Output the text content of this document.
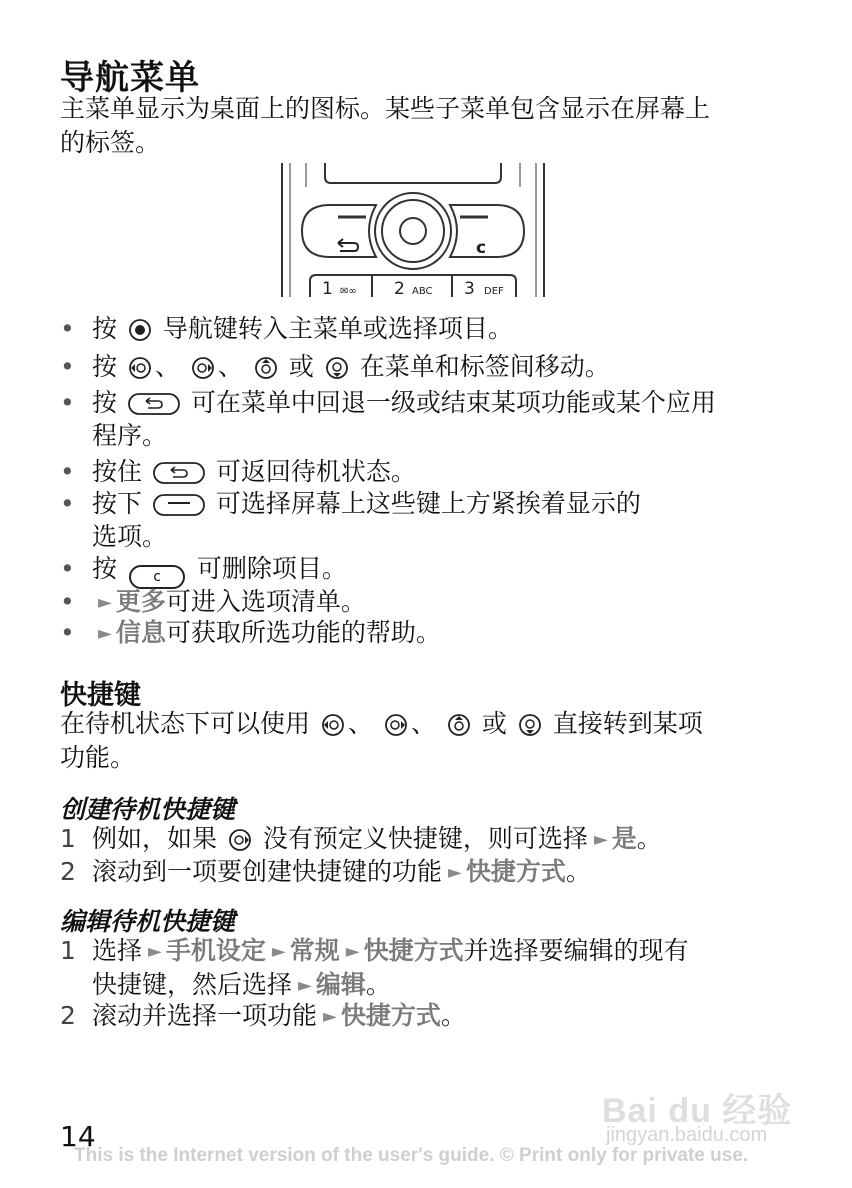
导航菜单

主菜单显示为桌面上的图标。某些子菜单包含显示在屏幕上

的标签。

c
1 ✉∞ 2 ABC 3 DEF
• 按 导航键转入主菜单或选择项目。
• 按 、 、 或 在菜单和标签间移动。
• 按	可在菜单中回退一级或结束某项功能或某个应用
程序。
• 按住	可返回待机状态。
• 按下	可选择屏幕上这些键上方紧挨着显示的
选项。
• 按	c 可删除项目。
•	► 更多可进入选项清单。
•	► 信息可获取所选功能的帮助。

快捷键

在待机状态下可以使用 、 、 或 直接转到某项
功能。

创建待机快捷键

1 例如，如果 没有预定义快捷键，则可选择 ► 是。
2 滚动到一项要创建快捷键的功能 ► 快捷方式。

编辑待机快捷键

1 选择 ► 手机设定 ► 常规 ► 快捷方式并选择要编辑的现有
快捷键，然后选择 ► 编辑。
2 滚动并选择一项功能 ► 快捷方式。
Bai du 经验
jingyan.baidu.com
14
This is the Internet version of the user's guide. © Print only for private use.
